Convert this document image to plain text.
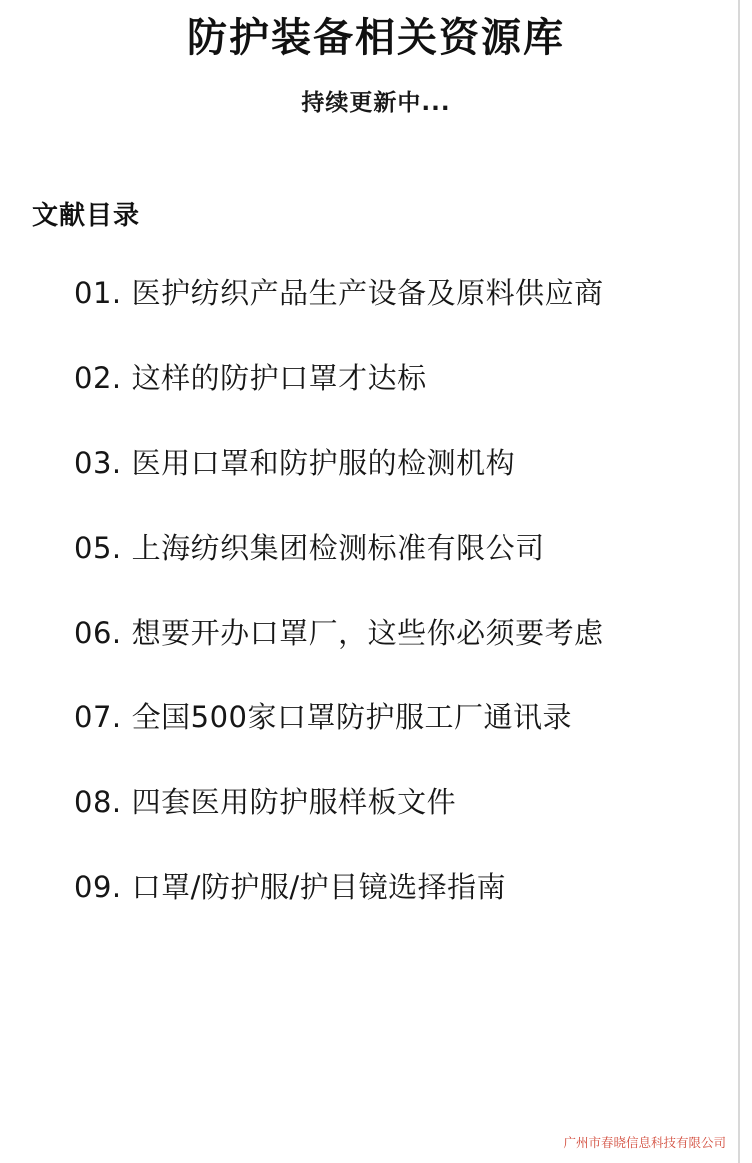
防护装备相关资源库
持续更新中...
文献目录
01. 医护纺织产品生产设备及原料供应商
02. 这样的防护口罩才达标
03. 医用口罩和防护服的检测机构
05. 上海纺织集团检测标准有限公司
06. 想要开办口罩厂，这些你必须要考虑
07. 全国500家口罩防护服工厂通讯录
08. 四套医用防护服样板文件
09. 口罩/防护服/护目镜选择指南
广州市春晓信息科技有限公司
